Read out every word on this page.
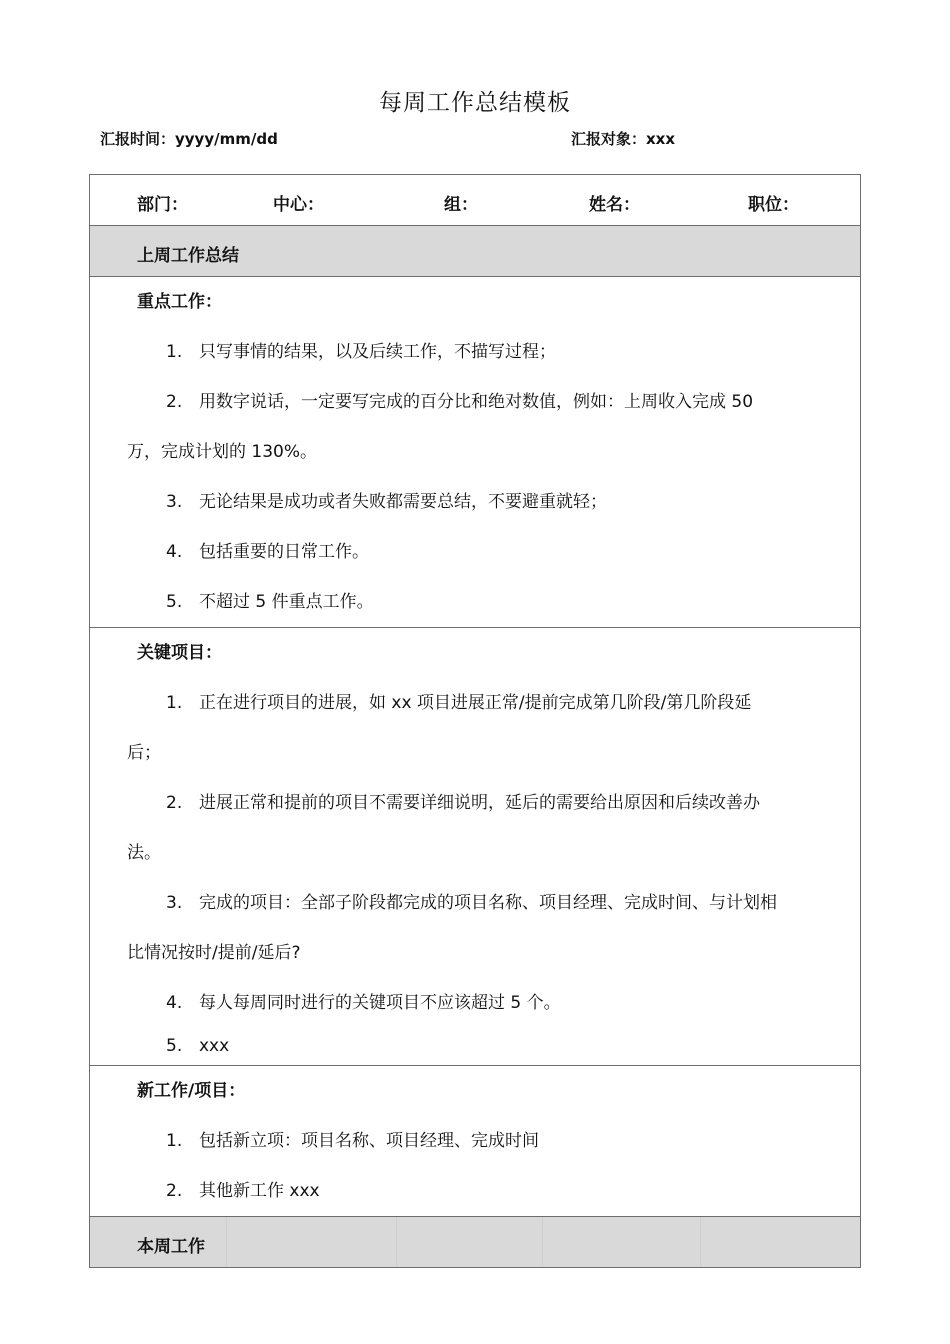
每周工作总结模板
汇报时间：yyyy/mm/dd	汇报对象：xxx
部门：	中心：	组：	姓名：	职位：
上周工作总结
重点工作：
1. 只写事情的结果，以及后续工作，不描写过程；
2. 用数字说话，一定要写完成的百分比和绝对数值，例如：上周收入完成 50
万，完成计划的 130%。
3. 无论结果是成功或者失败都需要总结，不要避重就轻；
4. 包括重要的日常工作。
5. 不超过 5 件重点工作。
关键项目：
1. 正在进行项目的进展，如 xx 项目进展正常/提前完成第几阶段/第几阶段延
后；
2. 进展正常和提前的项目不需要详细说明，延后的需要给出原因和后续改善办
法。
3. 完成的项目：全部子阶段都完成的项目名称、项目经理、完成时间、与计划相
比情况按时/提前/延后?
4. 每人每周同时进行的关键项目不应该超过 5 个。
5. xxx
新工作/项目：
1. 包括新立项：项目名称、项目经理、完成时间
2. 其他新工作 xxx
本周工作
